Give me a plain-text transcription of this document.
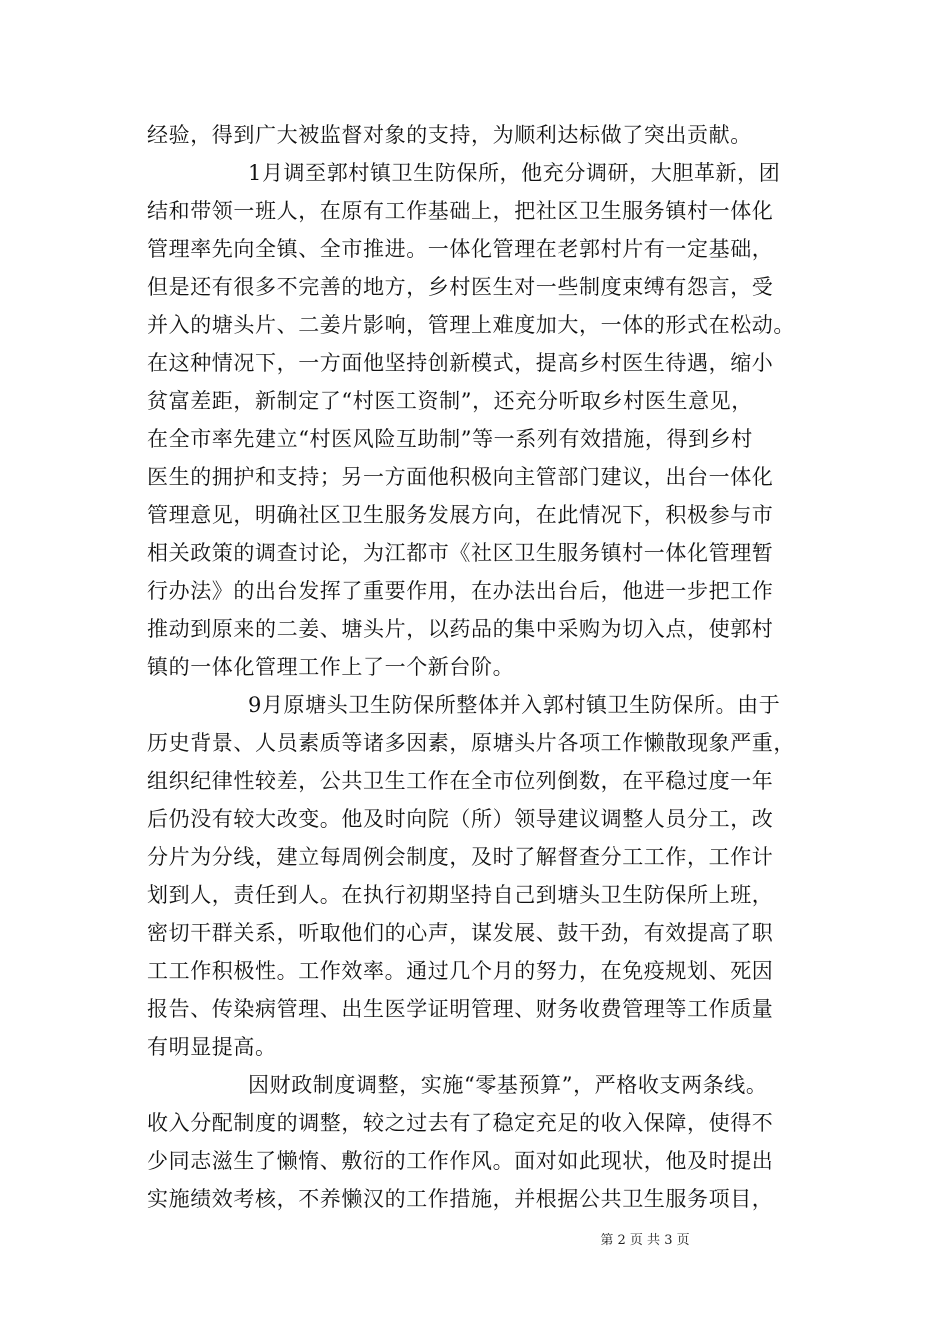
经验，得到广大被监督对象的支持，为顺利达标做了突出贡献。
1月调至郭村镇卫生防保所，他充分调研，大胆革新，团
结和带领一班人，在原有工作基础上，把社区卫生服务镇村一体化
管理率先向全镇、全市推进。一体化管理在老郭村片有一定基础，
但是还有很多不完善的地方，乡村医生对一些制度束缚有怨言，受
并入的塘头片、二姜片影响，管理上难度加大，一体的形式在松动。
在这种情况下，一方面他坚持创新模式，提高乡村医生待遇，缩小
贫富差距，新制定了“村医工资制”，还充分听取乡村医生意见，
在全市率先建立“村医风险互助制”等一系列有效措施，得到乡村
医生的拥护和支持；另一方面他积极向主管部门建议，出台一体化
管理意见，明确社区卫生服务发展方向，在此情况下，积极参与市
相关政策的调查讨论，为江都市《社区卫生服务镇村一体化管理暂
行办法》的出台发挥了重要作用，在办法出台后，他进一步把工作
推动到原来的二姜、塘头片，以药品的集中采购为切入点，使郭村
镇的一体化管理工作上了一个新台阶。
9月原塘头卫生防保所整体并入郭村镇卫生防保所。由于
历史背景、人员素质等诸多因素，原塘头片各项工作懒散现象严重，
组织纪律性较差，公共卫生工作在全市位列倒数，在平稳过度一年
后仍没有较大改变。他及时向院（所）领导建议调整人员分工，改
分片为分线，建立每周例会制度，及时了解督查分工工作，工作计
划到人，责任到人。在执行初期坚持自己到塘头卫生防保所上班，
密切干群关系，听取他们的心声，谋发展、鼓干劲，有效提高了职
工工作积极性。工作效率。通过几个月的努力，在免疫规划、死因
报告、传染病管理、出生医学证明管理、财务收费管理等工作质量
有明显提高。
因财政制度调整，实施“零基预算”，严格收支两条线。
收入分配制度的调整，较之过去有了稳定充足的收入保障，使得不
少同志滋生了懒惰、敷衍的工作作风。面对如此现状，他及时提出
实施绩效考核，不养懒汉的工作措施，并根据公共卫生服务项目，
第 2 页 共 3 页
